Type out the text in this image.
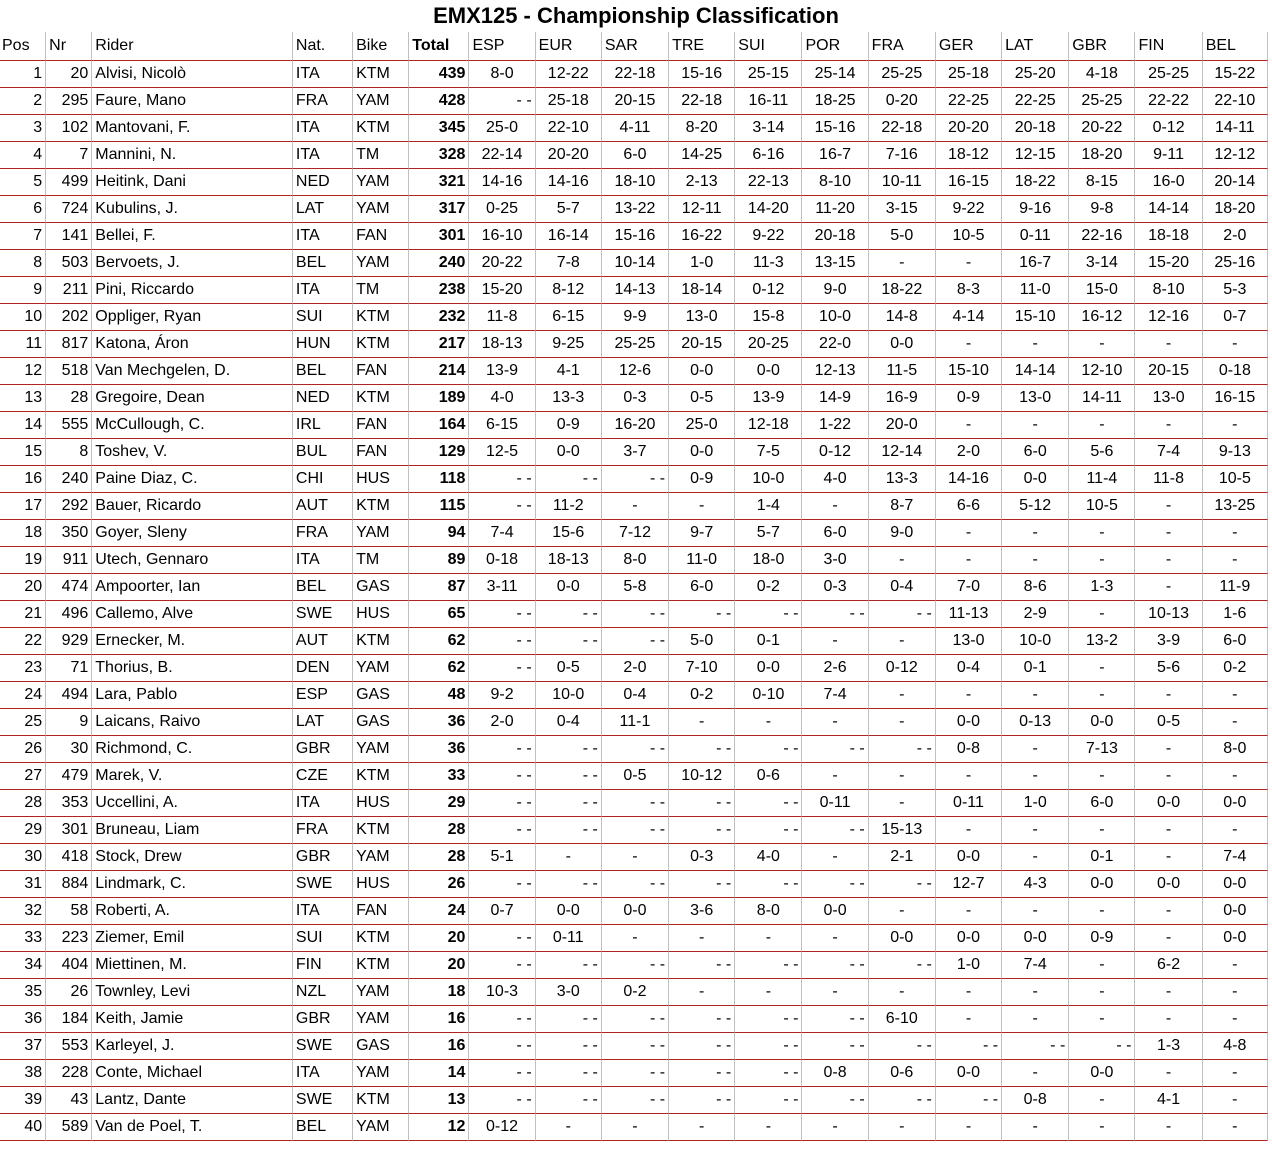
EMX125 - Championship Classification
Pos	Nr	Rider	Nat.	Bike	Total	ESP	EUR	SAR	TRE	SUI	POR	FRA	GER	LAT	GBR	FIN	BEL
1	20	Alvisi, Nicolò	ITA	KTM	439	8-0	12-22	22-18	15-16	25-15	25-14	25-25	25-18	25-20	4-18	25-25	15-22
2	295	Faure, Mano	FRA	YAM	428	- -	25-18	20-15	22-18	16-11	18-25	0-20	22-25	22-25	25-25	22-22	22-10
3	102	Mantovani, F.	ITA	KTM	345	25-0	22-10	4-11	8-20	3-14	15-16	22-18	20-20	20-18	20-22	0-12	14-11
4	7	Mannini, N.	ITA	TM	328	22-14	20-20	6-0	14-25	6-16	16-7	7-16	18-12	12-15	18-20	9-11	12-12
5	499	Heitink, Dani	NED	YAM	321	14-16	14-16	18-10	2-13	22-13	8-10	10-11	16-15	18-22	8-15	16-0	20-14
6	724	Kubulins, J.	LAT	YAM	317	0-25	5-7	13-22	12-11	14-20	11-20	3-15	9-22	9-16	9-8	14-14	18-20
7	141	Bellei, F.	ITA	FAN	301	16-10	16-14	15-16	16-22	9-22	20-18	5-0	10-5	0-11	22-16	18-18	2-0
8	503	Bervoets, J.	BEL	YAM	240	20-22	7-8	10-14	1-0	11-3	13-15	-	-	16-7	3-14	15-20	25-16
9	211	Pini, Riccardo	ITA	TM	238	15-20	8-12	14-13	18-14	0-12	9-0	18-22	8-3	11-0	15-0	8-10	5-3
10	202	Oppliger, Ryan	SUI	KTM	232	11-8	6-15	9-9	13-0	15-8	10-0	14-8	4-14	15-10	16-12	12-16	0-7
11	817	Katona, Áron	HUN	KTM	217	18-13	9-25	25-25	20-15	20-25	22-0	0-0	-	-	-	-	-
12	518	Van Mechgelen, D.	BEL	FAN	214	13-9	4-1	12-6	0-0	0-0	12-13	11-5	15-10	14-14	12-10	20-15	0-18
13	28	Gregoire, Dean	NED	KTM	189	4-0	13-3	0-3	0-5	13-9	14-9	16-9	0-9	13-0	14-11	13-0	16-15
14	555	McCullough, C.	IRL	FAN	164	6-15	0-9	16-20	25-0	12-18	1-22	20-0	-	-	-	-	-
15	8	Toshev, V.	BUL	FAN	129	12-5	0-0	3-7	0-0	7-5	0-12	12-14	2-0	6-0	5-6	7-4	9-13
16	240	Paine Diaz, C.	CHI	HUS	118	- -	- -	- -	0-9	10-0	4-0	13-3	14-16	0-0	11-4	11-8	10-5
17	292	Bauer, Ricardo	AUT	KTM	115	- -	11-2	-	-	1-4	-	8-7	6-6	5-12	10-5	-	13-25
18	350	Goyer, Sleny	FRA	YAM	94	7-4	15-6	7-12	9-7	5-7	6-0	9-0	-	-	-	-	-
19	911	Utech, Gennaro	ITA	TM	89	0-18	18-13	8-0	11-0	18-0	3-0	-	-	-	-	-	-
20	474	Ampoorter, Ian	BEL	GAS	87	3-11	0-0	5-8	6-0	0-2	0-3	0-4	7-0	8-6	1-3	-	11-9
21	496	Callemo, Alve	SWE	HUS	65	- -	- -	- -	- -	- -	- -	- -	11-13	2-9	-	10-13	1-6
22	929	Ernecker, M.	AUT	KTM	62	- -	- -	- -	5-0	0-1	-	-	13-0	10-0	13-2	3-9	6-0
23	71	Thorius, B.	DEN	YAM	62	- -	0-5	2-0	7-10	0-0	2-6	0-12	0-4	0-1	-	5-6	0-2
24	494	Lara, Pablo	ESP	GAS	48	9-2	10-0	0-4	0-2	0-10	7-4	-	-	-	-	-	-
25	9	Laicans, Raivo	LAT	GAS	36	2-0	0-4	11-1	-	-	-	-	0-0	0-13	0-0	0-5	-
26	30	Richmond, C.	GBR	YAM	36	- -	- -	- -	- -	- -	- -	- -	0-8	-	7-13	-	8-0
27	479	Marek, V.	CZE	KTM	33	- -	- -	0-5	10-12	0-6	-	-	-	-	-	-	-
28	353	Uccellini, A.	ITA	HUS	29	- -	- -	- -	- -	- -	0-11	-	0-11	1-0	6-0	0-0	0-0
29	301	Bruneau, Liam	FRA	KTM	28	- -	- -	- -	- -	- -	- -	15-13	-	-	-	-	-
30	418	Stock, Drew	GBR	YAM	28	5-1	-	-	0-3	4-0	-	2-1	0-0	-	0-1	-	7-4
31	884	Lindmark, C.	SWE	HUS	26	- -	- -	- -	- -	- -	- -	- -	12-7	4-3	0-0	0-0	0-0
32	58	Roberti, A.	ITA	FAN	24	0-7	0-0	0-0	3-6	8-0	0-0	-	-	-	-	-	0-0
33	223	Ziemer, Emil	SUI	KTM	20	- -	0-11	-	-	-	-	0-0	0-0	0-0	0-9	-	0-0
34	404	Miettinen, M.	FIN	KTM	20	- -	- -	- -	- -	- -	- -	- -	1-0	7-4	-	6-2	-
35	26	Townley, Levi	NZL	YAM	18	10-3	3-0	0-2	-	-	-	-	-	-	-	-	-
36	184	Keith, Jamie	GBR	YAM	16	- -	- -	- -	- -	- -	- -	6-10	-	-	-	-	-
37	553	Karleyel, J.	SWE	GAS	16	- -	- -	- -	- -	- -	- -	- -	- -	- -	- -	1-3	4-8
38	228	Conte, Michael	ITA	YAM	14	- -	- -	- -	- -	- -	0-8	0-6	0-0	-	0-0	-	-
39	43	Lantz, Dante	SWE	KTM	13	- -	- -	- -	- -	- -	- -	- -	- -	0-8	-	4-1	-
40	589	Van de Poel, T.	BEL	YAM	12	0-12	-	-	-	-	-	-	-	-	-	-	-
